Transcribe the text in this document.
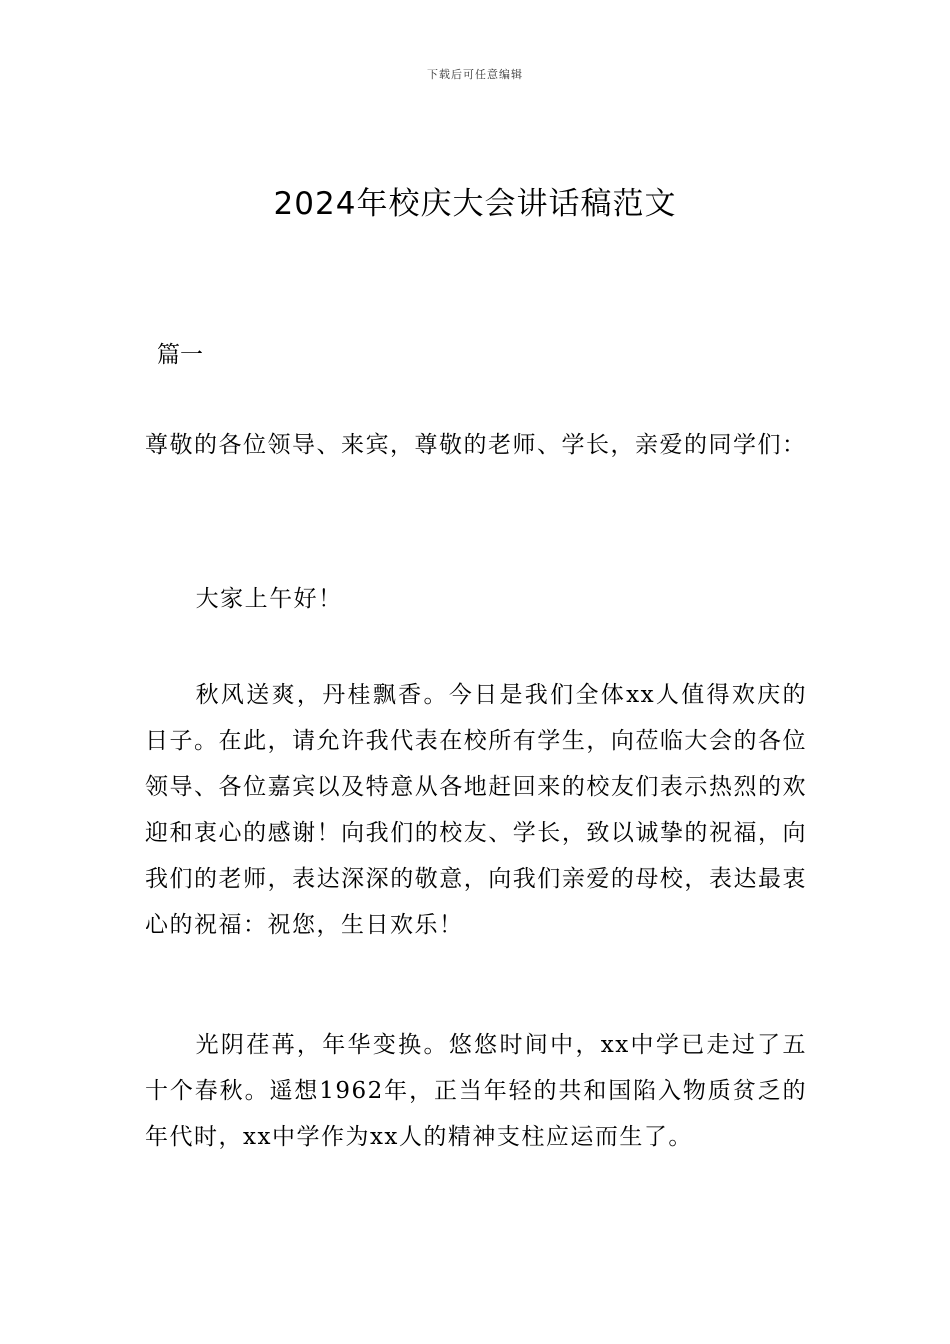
下载后可任意编辑
2024年校庆大会讲话稿范文
篇一

尊敬的各位领导、来宾，尊敬的老师、学长，亲爱的同学们：

大家上午好！

秋风送爽，丹桂飘香。今日是我们全体xx人值得欢庆的日子。在此，请允许我代表在校所有学生，向莅临大会的各位领导、各位嘉宾以及特意从各地赶回来的校友们表示热烈的欢迎和衷心的感谢！向我们的校友、学长，致以诚挚的祝福，向我们的老师，表达深深的敬意，向我们亲爱的母校，表达最衷心的祝福：祝您，生日欢乐！

光阴荏苒，年华变换。悠悠时间中，xx中学已走过了五十个春秋。遥想1962年，正当年轻的共和国陷入物质贫乏的年代时，xx中学作为xx人的精神支柱应运而生了。
